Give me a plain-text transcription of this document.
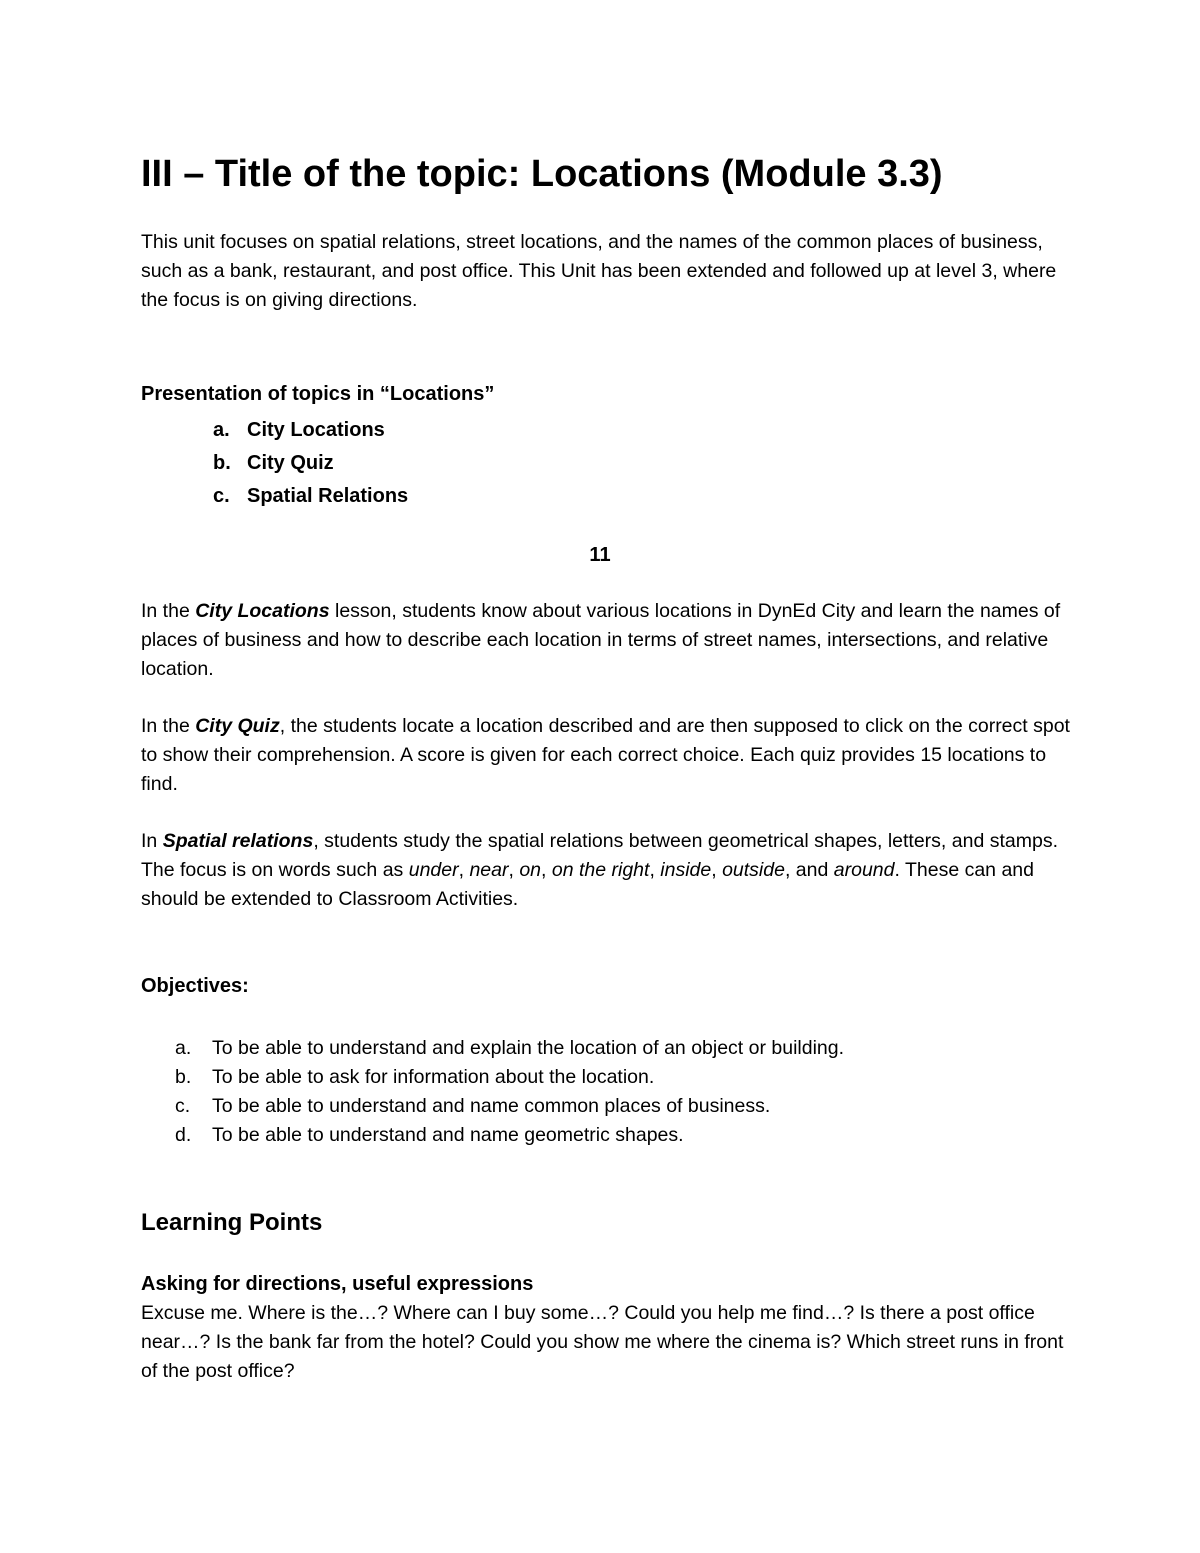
III – Title of the topic: Locations (Module 3.3)

This unit focuses on spatial relations, street locations, and the names of the common places of business, such as a bank, restaurant, and post office. This Unit has been extended and followed up at level 3, where the focus is on giving directions.

Presentation of topics in “Locations”
a. City Locations
b. City Quiz
c. Spatial Relations
11

In the City Locations lesson, students know about various locations in DynEd City and learn the names of places of business and how to describe each location in terms of street names, intersections, and relative location.

In the City Quiz, the students locate a location described and are then supposed to click on the correct spot to show their comprehension. A score is given for each correct choice. Each quiz provides 15 locations to find.

In Spatial relations, students study the spatial relations between geometrical shapes, letters, and stamps. The focus is on words such as under, near, on, on the right, inside, outside, and around. These can and should be extended to Classroom Activities.

Objectives:
a. To be able to understand and explain the location of an object or building.
b. To be able to ask for information about the location.
c. To be able to understand and name common places of business.
d. To be able to understand and name geometric shapes.
Learning Points
Asking for directions, useful expressions

Excuse me. Where is the…? Where can I buy some…? Could you help me find…? Is there a post office near…? Is the bank far from the hotel? Could you show me where the cinema is? Which street runs in front of the post office?
